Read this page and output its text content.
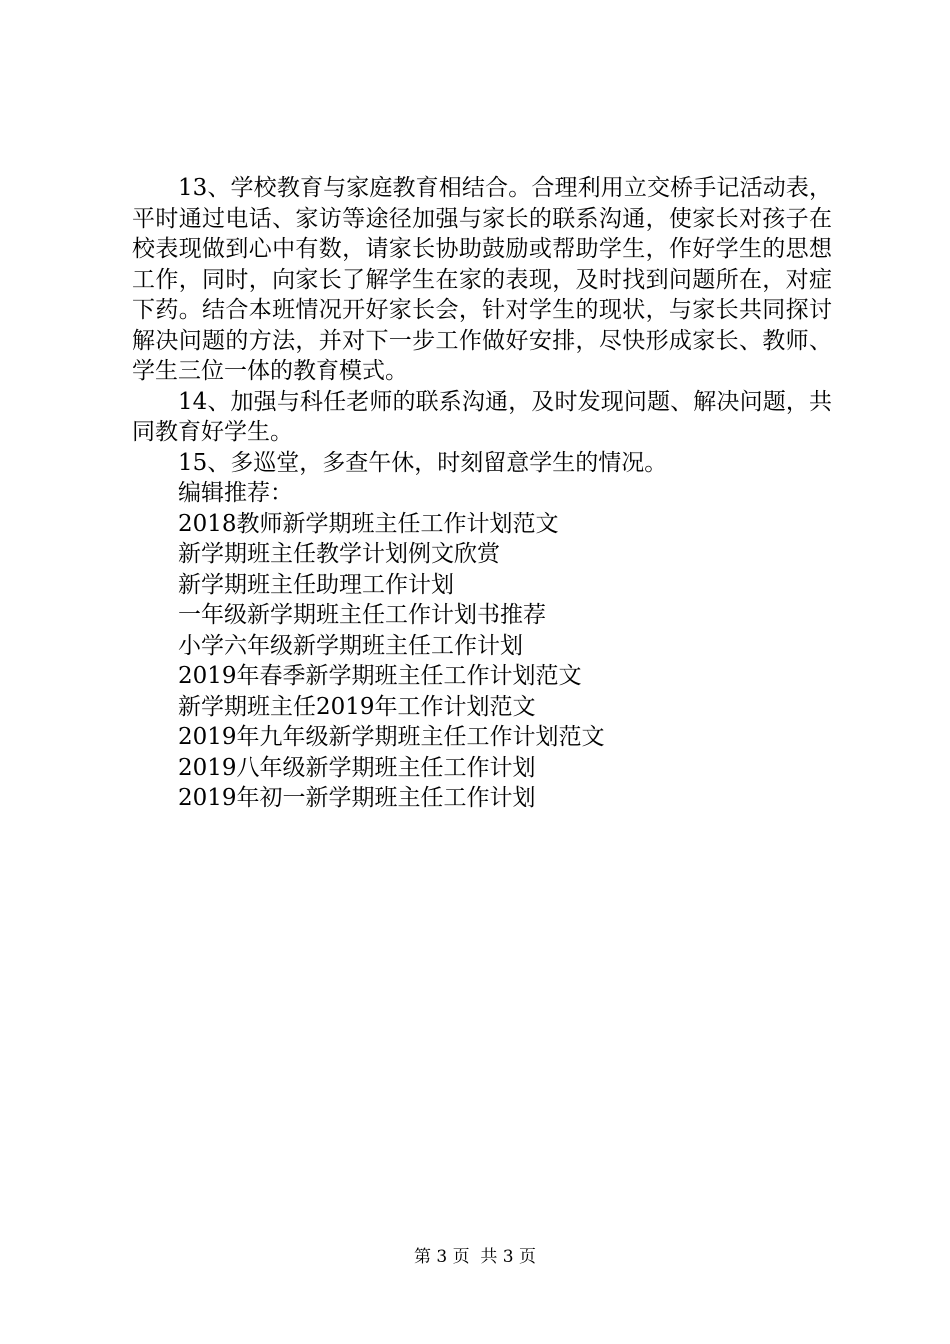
13、学校教育与家庭教育相结合。合理利用立交桥手记活动表，平时通过电话、家访等途径加强与家长的联系沟通，使家长对孩子在校表现做到心中有数，请家长协助鼓励或帮助学生，作好学生的思想工作，同时，向家长了解学生在家的表现，及时找到问题所在，对症下药。结合本班情况开好家长会，针对学生的现状，与家长共同探讨解决问题的方法，并对下一步工作做好安排，尽快形成家长、教师、学生三位一体的教育模式。

14、加强与科任老师的联系沟通，及时发现问题、解决问题，共同教育好学生。

15、多巡堂，多查午休，时刻留意学生的情况。

编辑推荐：
2018教师新学期班主任工作计划范文
新学期班主任教学计划例文欣赏
新学期班主任助理工作计划
一年级新学期班主任工作计划书推荐
小学六年级新学期班主任工作计划
2019年春季新学期班主任工作计划范文
新学期班主任2019年工作计划范文
2019年九年级新学期班主任工作计划范文
2019八年级新学期班主任工作计划
2019年初一新学期班主任工作计划
第 3 页  共 3 页
